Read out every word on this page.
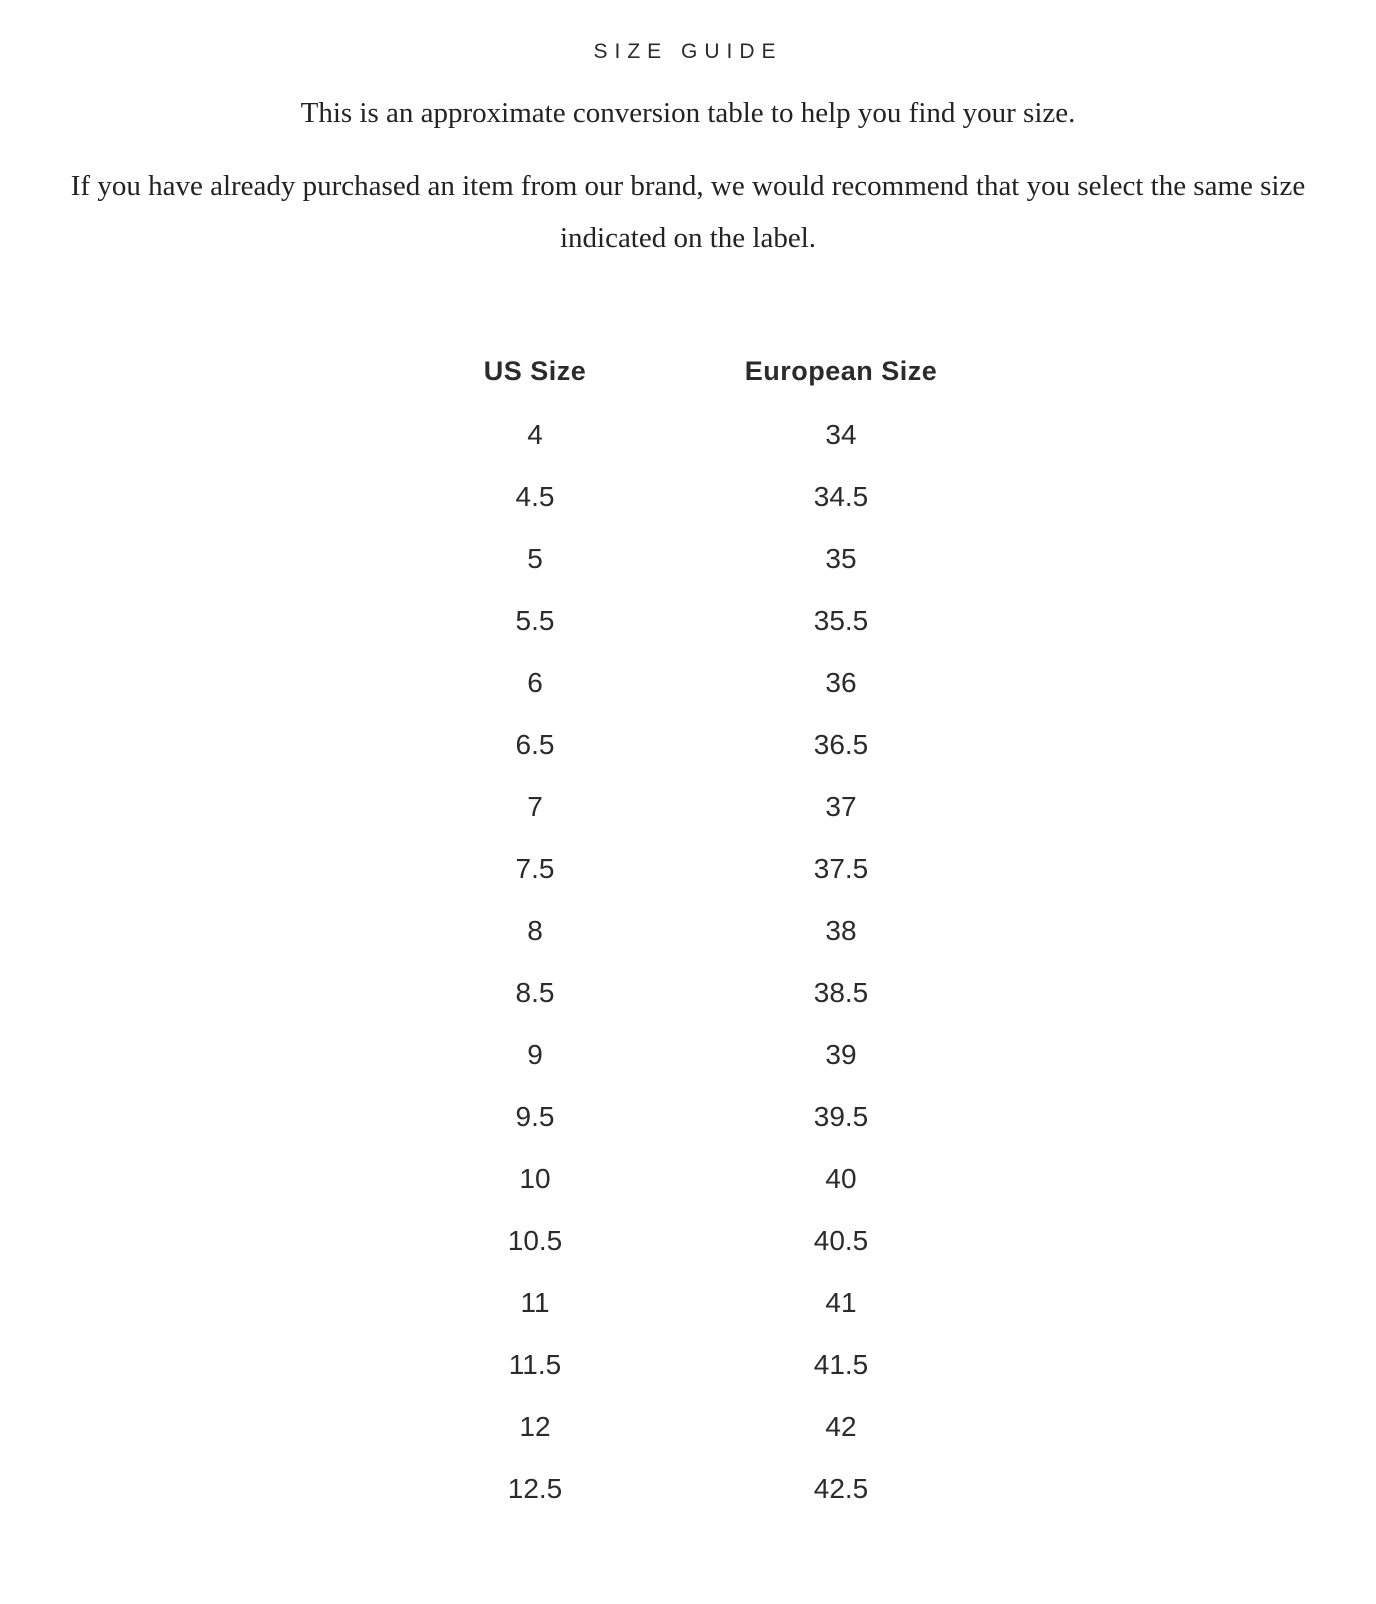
SIZE GUIDE

This is an approximate conversion table to help you find your size.

If you have already purchased an item from our brand, we would recommend that you select the same size indicated on the label.

US Size	European Size
4	34
4.5	34.5
5	35
5.5	35.5
6	36
6.5	36.5
7	37
7.5	37.5
8	38
8.5	38.5
9	39
9.5	39.5
10	40
10.5	40.5
11	41
11.5	41.5
12	42
12.5	42.5
